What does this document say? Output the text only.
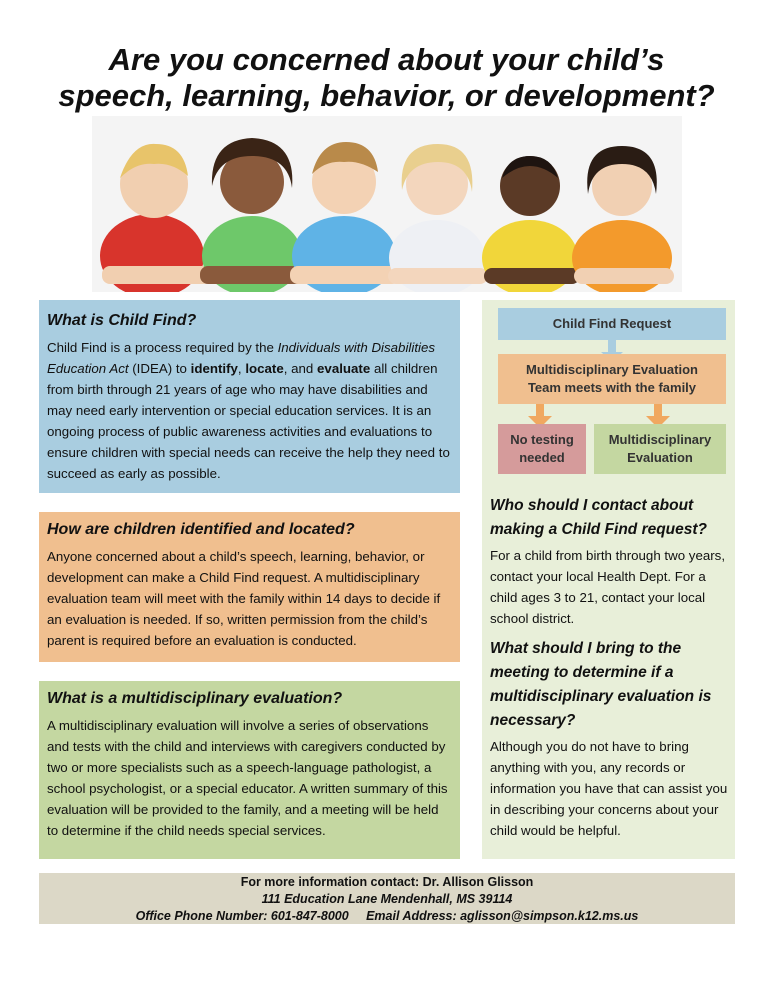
Are you concerned about your child’s
speech, learning, behavior, or development?
What is Child Find?

Child Find is a process required by the Individuals with Disabilities Education Act (IDEA) to identify, locate, and evaluate all children from birth through 21 years of age who may have disabilities and may need early intervention or special education services. It is an ongoing process of public awareness activities and evaluations to ensure children with special needs can receive the help they need to succeed as early as possible.

How are children identified and located?

Anyone concerned about a child’s speech, learning, behavior, or development can make a Child Find request. A multidisciplinary evaluation team will meet with the family within 14 days to decide if an evaluation is needed. If so, written permission from the child’s parent is required before an evaluation is conducted.

What is a multidisciplinary evaluation?

A multidisciplinary evaluation will involve a series of observations and tests with the child and interviews with caregivers conducted by two or more specialists such as a speech-language pathologist, a school psychologist, or a special educator. A written summary of this evaluation will be provided to the family, and a meeting will be held to determine if the child needs special services.

Child Find Request
Multidisciplinary Evaluation
Team meets with the family
No testing
needed
Multidisciplinary
Evaluation
Who should I contact about making a Child Find request?

For a child from birth through two years, contact your local Health Dept. For a child ages 3 to 21, contact your local school district.

What should I bring to the meeting to determine if a multidisciplinary evaluation is necessary?

Although you do not have to bring anything with you, any records or information you have that can assist you in describing your concerns about your child would be helpful.

For more information contact: Dr. Allison Glisson
111 Education Lane Mendenhall, MS 39114
Office Phone Number: 601-847-8000 Email Address: aglisson@simpson.k12.ms.us
